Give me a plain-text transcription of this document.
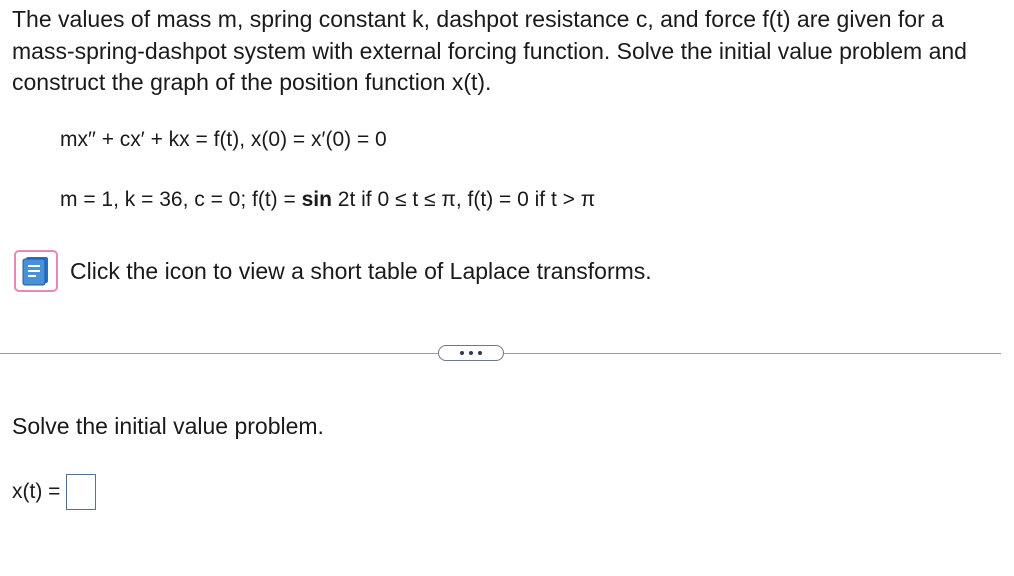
The values of mass m, spring constant k, dashpot resistance c, and force f(t) are given for a mass-spring-dashpot system with external forcing function. Solve the initial value problem and construct the graph of the position function x(t).

mx′′ + cx′ + kx = f(t), x(0) = x′(0) = 0
m = 1, k = 36, c = 0; f(t) = sin 2t if 0 ≤ t ≤ π, f(t) = 0 if t > π
Click the icon to view a short table of Laplace transforms.
Solve the initial value problem.
x(t) =
